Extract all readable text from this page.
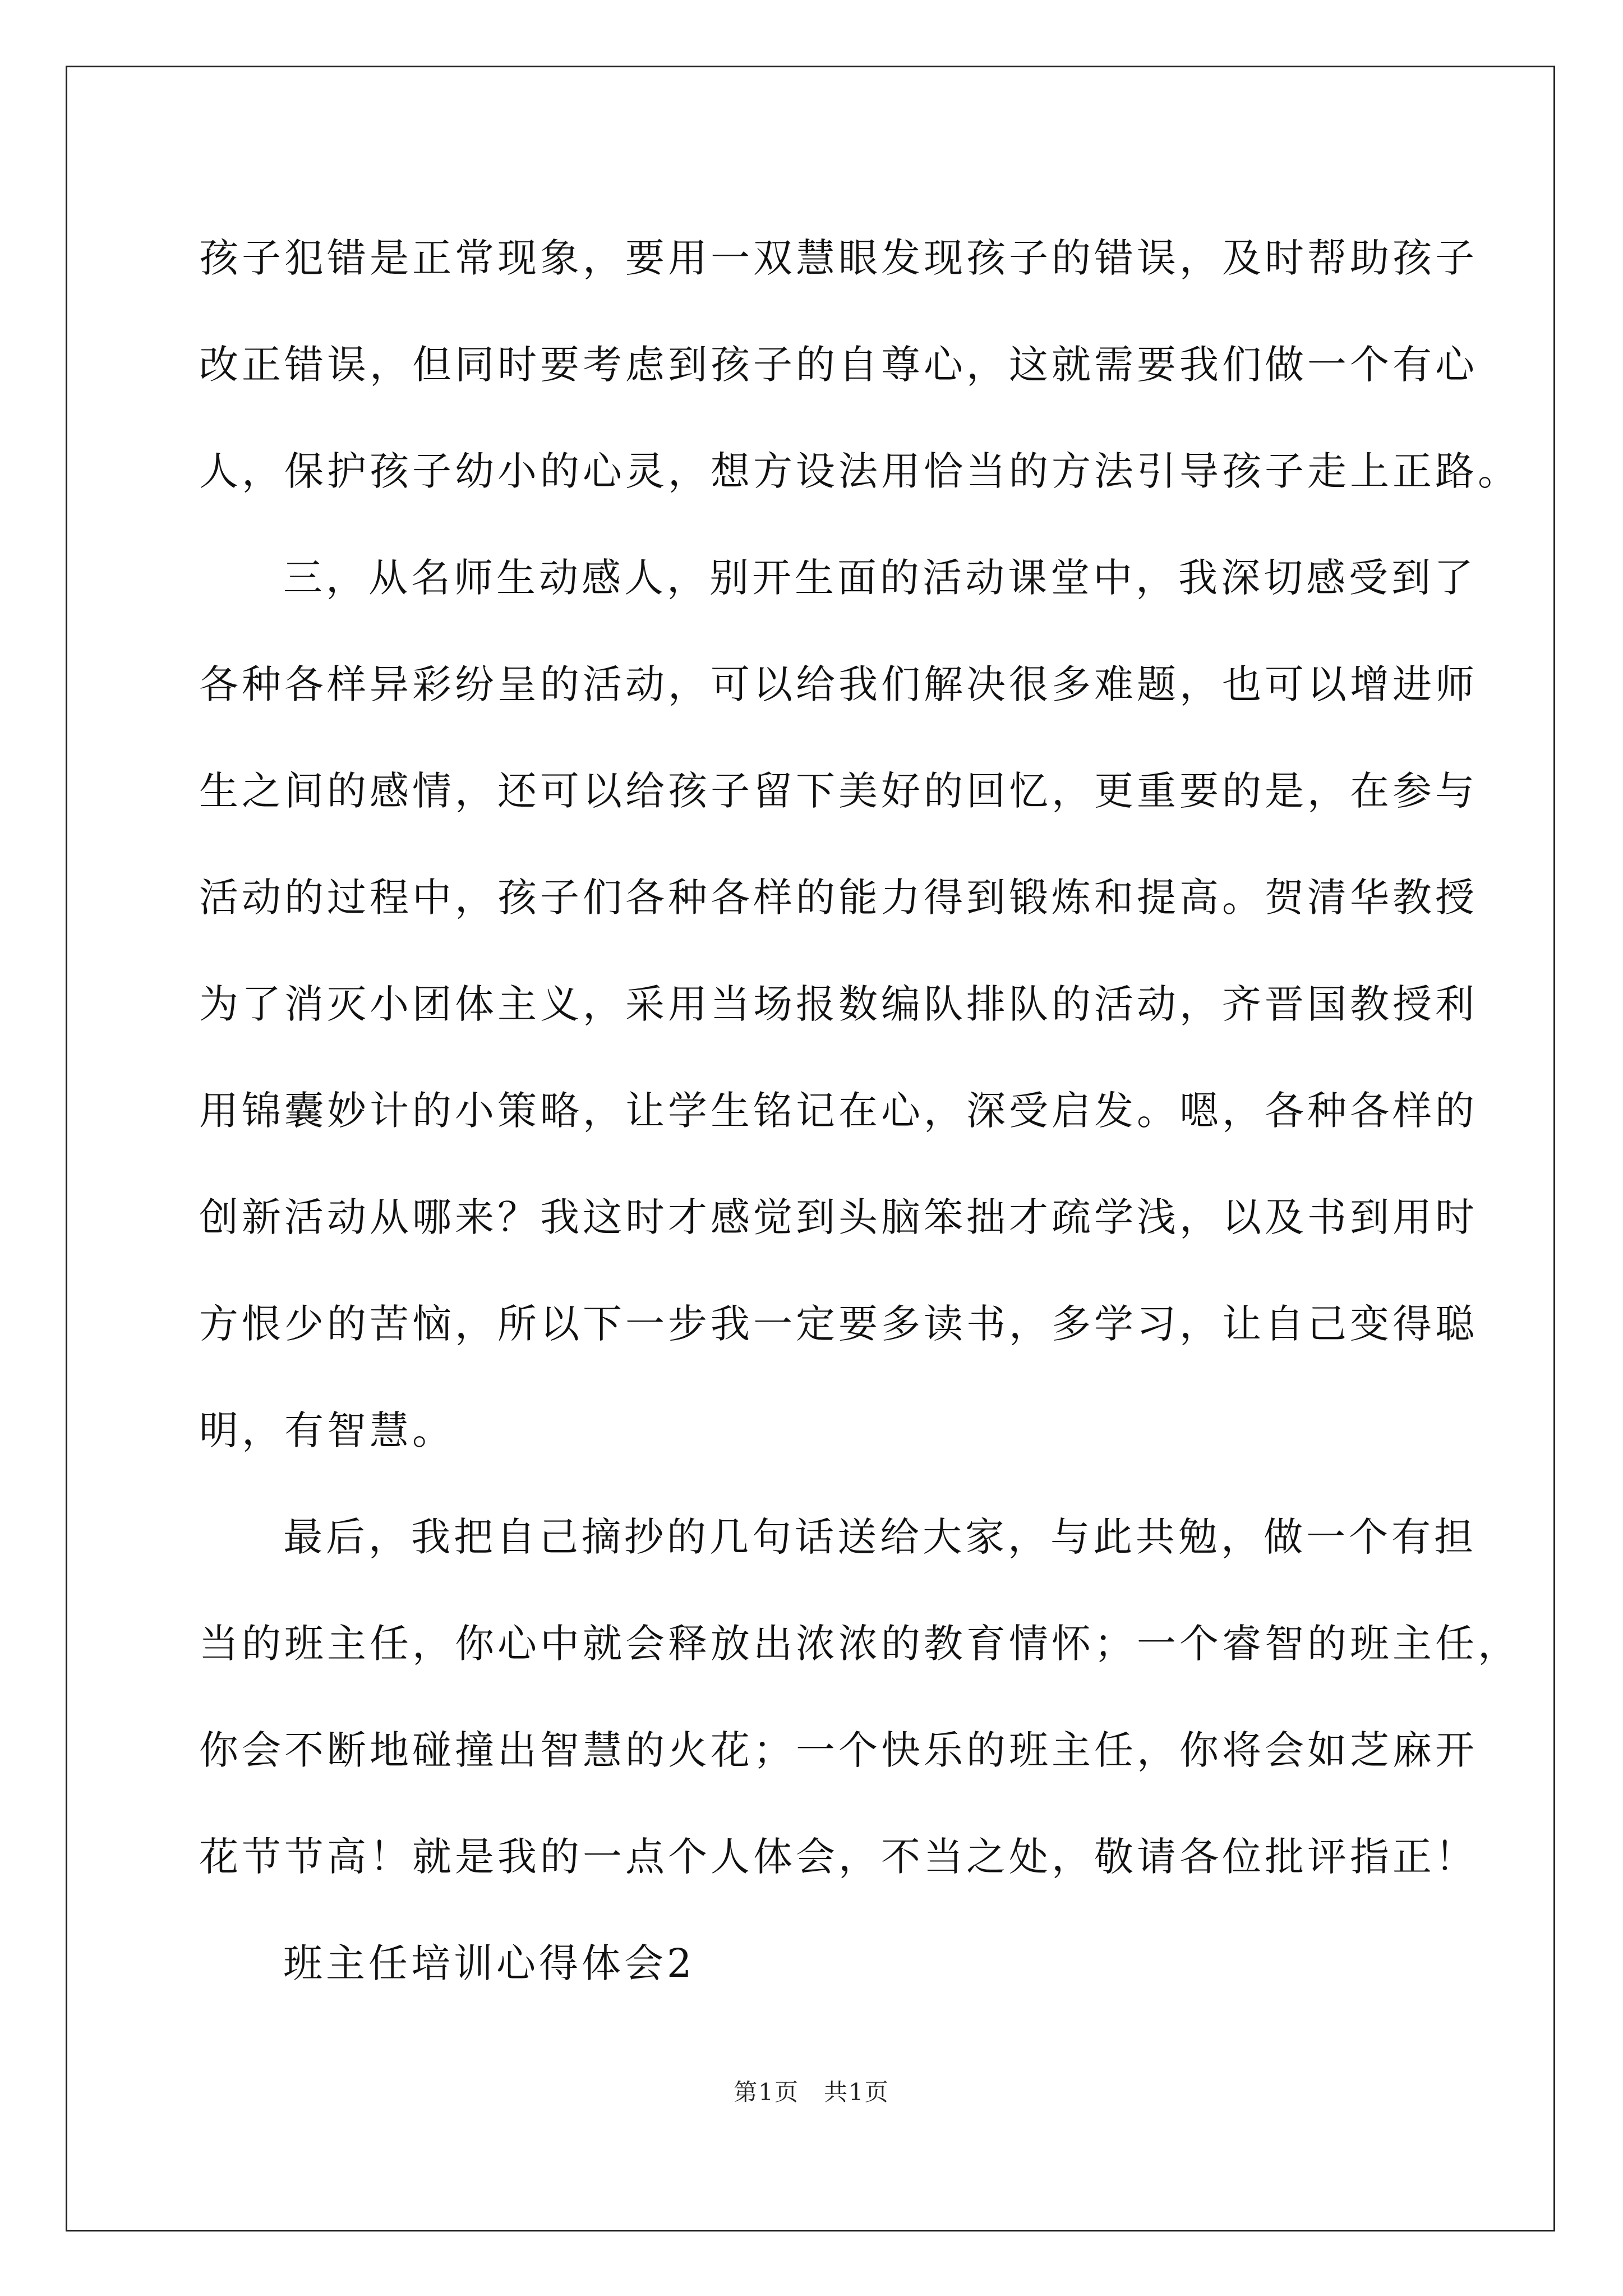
孩子犯错是正常现象，要用一双慧眼发现孩子的错误，及时帮助孩子
改正错误，但同时要考虑到孩子的自尊心，这就需要我们做一个有心
人，保护孩子幼小的心灵，想方设法用恰当的方法引导孩子走上正路。
三，从名师生动感人，别开生面的活动课堂中，我深切感受到了
各种各样异彩纷呈的活动，可以给我们解决很多难题，也可以增进师
生之间的感情，还可以给孩子留下美好的回忆，更重要的是，在参与
活动的过程中，孩子们各种各样的能力得到锻炼和提高。贺清华教授
为了消灭小团体主义，采用当场报数编队排队的活动，齐晋国教授利
用锦囊妙计的小策略，让学生铭记在心，深受启发。嗯，各种各样的
创新活动从哪来？我这时才感觉到头脑笨拙才疏学浅，以及书到用时
方恨少的苦恼，所以下一步我一定要多读书，多学习，让自己变得聪
明，有智慧。
最后，我把自己摘抄的几句话送给大家，与此共勉，做一个有担
当的班主任，你心中就会释放出浓浓的教育情怀；一个睿智的班主任，
你会不断地碰撞出智慧的火花；一个快乐的班主任，你将会如芝麻开
花节节高！就是我的一点个人体会，不当之处，敬请各位批评指正！
班主任培训心得体会2
第1页　共1页
